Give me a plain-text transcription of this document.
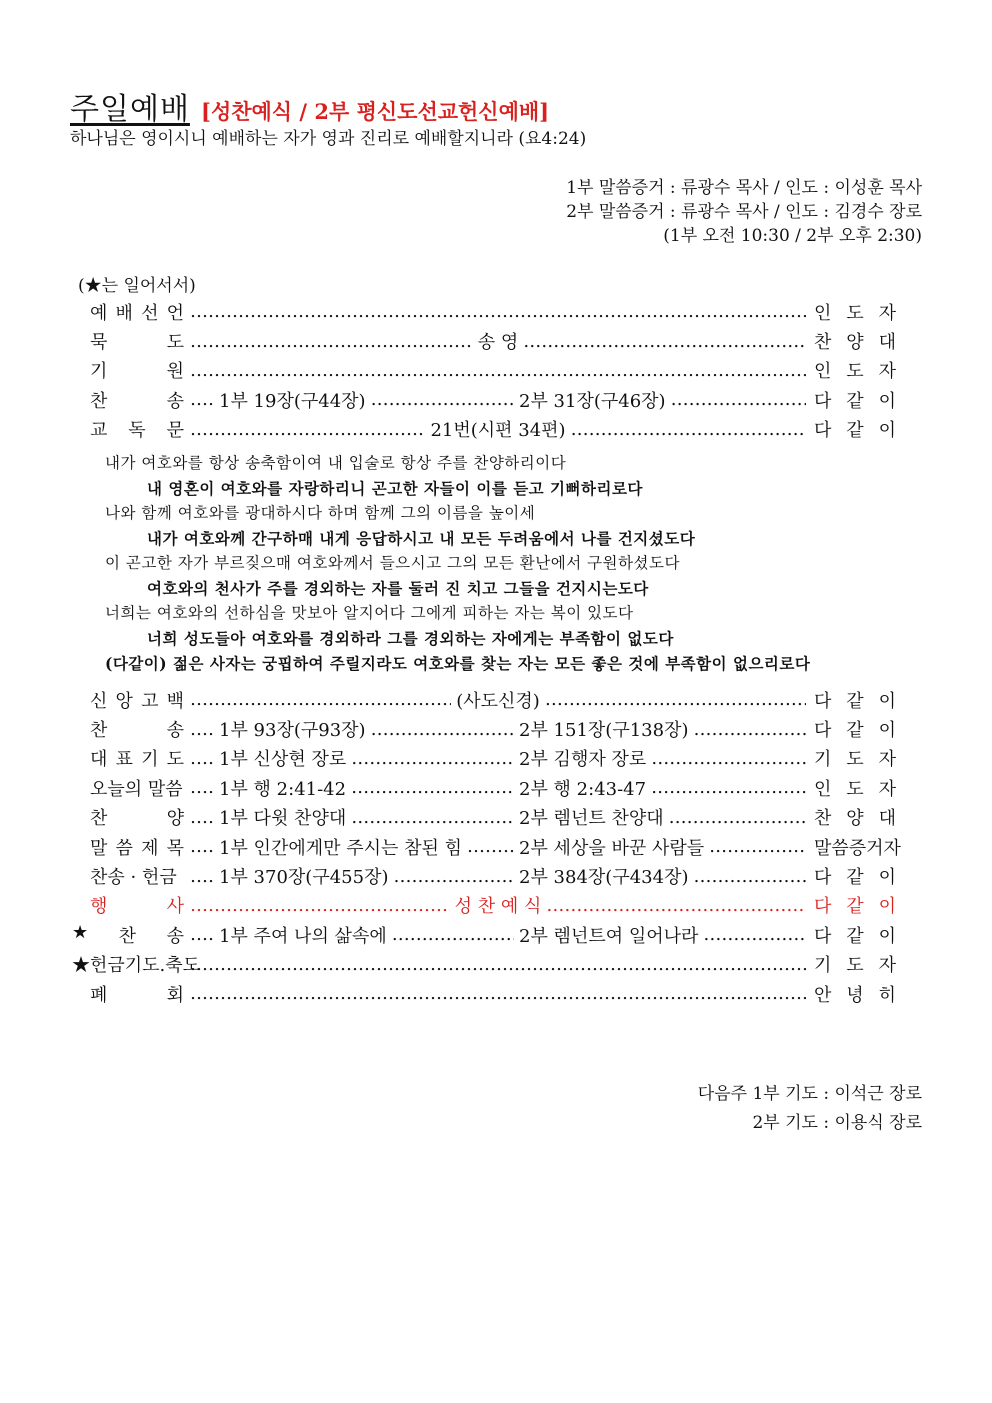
주일예배 [성찬예식 / 2부 평신도선교헌신예배]
하나님은 영이시니 예배하는 자가 영과 진리로 예배할지니라 (요4:24)
1부 말씀증거 : 류광수 목사 / 인도 : 이성훈 목사
2부 말씀증거 : 류광수 목사 / 인도 : 김경수 장로
(1부 오전 10:30 / 2부 오후 2:30)
(★는 일어서서)
예 배 선 언 …………………………………………………………………………………………………………………………………………………………………………………	인 도 자
묵	도 …………………………………………………………………………………………………………………………………………………………………………………	송 영 …………………………………………………………………………………………………………………………………………………………………………………	찬 양 대
기	원 …………………………………………………………………………………………………………………………………………………………………………………	인 도 자
찬	송 ………………………………………………………………………………………………………………………………………………………………………………… 1부 19장(구44장) …………………………………………………………………………………………………………………………………………………………………………………	2부 31장(구46장) …………………………………………………………………………………………………………………………………………………………………………………	다 같 이
교 독 문 …………………………………………………………………………………………………………………………………………………………………………………	21번(시편 34편) …………………………………………………………………………………………………………………………………………………………………………………	다 같 이
내가 여호와를 항상 송축함이여 내 입술로 항상 주를 찬양하리이다
내 영혼이 여호와를 자랑하리니 곤고한 자들이 이를 듣고 기뻐하리로다
나와 함께 여호와를 광대하시다 하며 함께 그의 이름을 높이세
내가 여호와께 간구하매 내게 응답하시고 내 모든 두려움에서 나를 건지셨도다
이 곤고한 자가 부르짖으매 여호와께서 들으시고 그의 모든 환난에서 구원하셨도다
여호와의 천사가 주를 경외하는 자를 둘러 진 치고 그들을 건지시는도다
너희는 여호와의 선하심을 맛보아 알지어다 그에게 피하는 자는 복이 있도다
너희 성도들아 여호와를 경외하라 그를 경외하는 자에게는 부족함이 없도다
(다같이) 젊은 사자는 궁핍하여 주릴지라도 여호와를 찾는 자는 모든 좋은 것에 부족함이 없으리로다
신 앙 고 백 …………………………………………………………………………………………………………………………………………………………………………………	(사도신경) …………………………………………………………………………………………………………………………………………………………………………………	다 같 이
찬	송 ………………………………………………………………………………………………………………………………………………………………………………… 1부 93장(구93장) …………………………………………………………………………………………………………………………………………………………………………………	2부 151장(구138장) …………………………………………………………………………………………………………………………………………………………………………………	다 같 이
대 표 기 도 ………………………………………………………………………………………………………………………………………………………………………………… 1부 신상현 장로 …………………………………………………………………………………………………………………………………………………………………………………	2부 김행자 장로 …………………………………………………………………………………………………………………………………………………………………………………	기 도 자
오늘의 말씀 …………………………………………………………………………………………………………………………………………………………………………………	1부 행 2:41-42 …………………………………………………………………………………………………………………………………………………………………………………	2부 행 2:43-47 …………………………………………………………………………………………………………………………………………………………………………………	인 도 자
찬	양 ………………………………………………………………………………………………………………………………………………………………………………… 1부 다윗 찬양대 …………………………………………………………………………………………………………………………………………………………………………………	2부 렘넌트 찬양대 …………………………………………………………………………………………………………………………………………………………………………………	찬 양 대
말 씀 제 목 ………………………………………………………………………………………………………………………………………………………………………………… 1부 인간에게만 주시는 참된 힘 …………………………………………………………………………………………………………………………………………………………………………………	2부 세상을 바꾼 사람들 …………………………………………………………………………………………………………………………………………………………………………………	말씀증거자
찬송 · 헌금 …………………………………………………………………………………………………………………………………………………………………………………	1부 370장(구455장) …………………………………………………………………………………………………………………………………………………………………………………	2부 384장(구434장) …………………………………………………………………………………………………………………………………………………………………………………	다 같 이
행	사 …………………………………………………………………………………………………………………………………………………………………………………	성 찬 예 식 …………………………………………………………………………………………………………………………………………………………………………………	다 같 이
★ 찬 송 ………………………………………………………………………………………………………………………………………………………………………………… 1부 주여 나의 삶속에 …………………………………………………………………………………………………………………………………………………………………………………	2부 렘넌트여 일어나라 …………………………………………………………………………………………………………………………………………………………………………………	다 같 이
★헌금기도.축도 …………………………………………………………………………………………………………………………………………………………………………………	기 도 자
폐	회 …………………………………………………………………………………………………………………………………………………………………………………	안 녕 히
다음주 1부 기도 : 이석근 장로
2부 기도 : 이용식 장로
